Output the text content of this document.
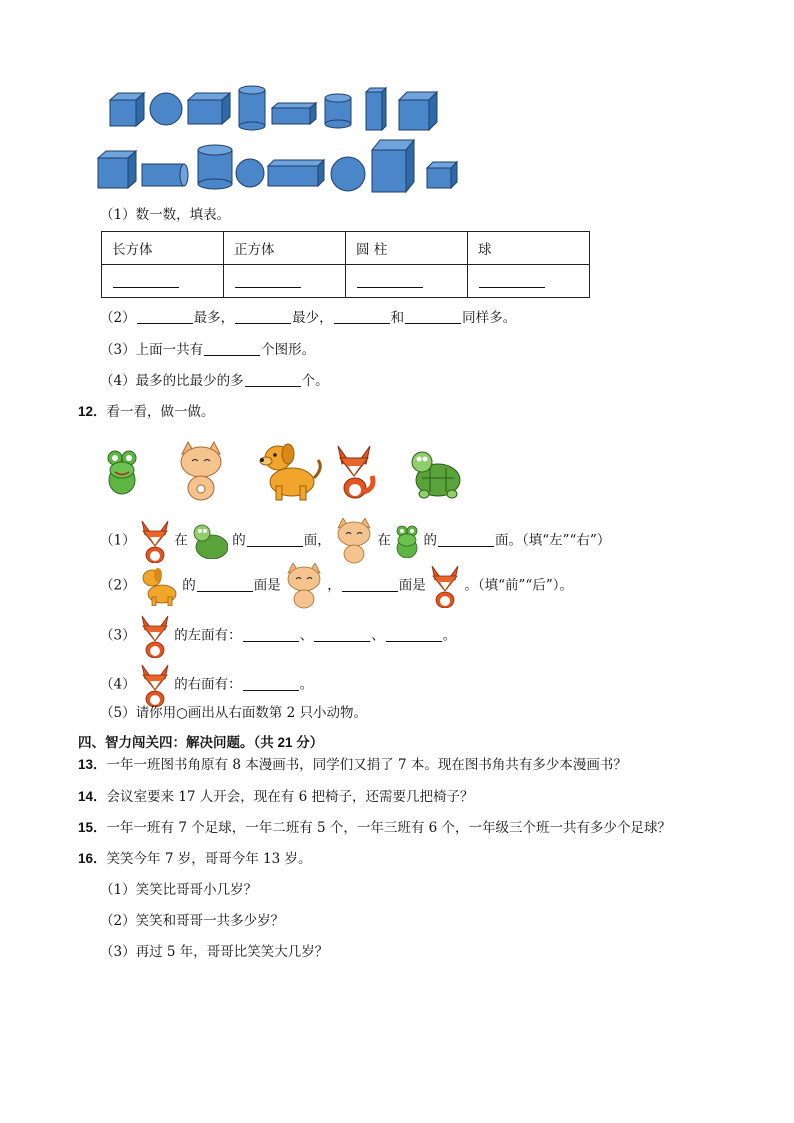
（1）数一数，填表。
长方体	正方体	圆 柱	球

（2）	最多，	最少，	和	同样多。
（3）上面一共有	个图形。
（4）最多的比最少的多	个。
12．看一看，做一做。
（1）	在	的	面，	在 的	面。（填“左”“右”）
（2）	的	面是	，	面是	。（填“前”“后”）。
（3）	的左面有：	、	、	。
（4）	的右面有：	。
（5）请你用○画出从右面数第 2 只小动物。
四、智力闯关四：解决问题。（共 21 分）
13．一年一班图书角原有 8 本漫画书，同学们又捐了 7 本。现在图书角共有多少本漫画书？
14．会议室要来 17 人开会，现在有 6 把椅子，还需要几把椅子？
15．一年一班有 7 个足球，一年二班有 5 个，一年三班有 6 个，一年级三个班一共有多少个足球？
16．笑笑今年 7 岁，哥哥今年 13 岁。
（1）笑笑比哥哥小几岁？
（2）笑笑和哥哥一共多少岁？
（3）再过 5 年，哥哥比笑笑大几岁？
